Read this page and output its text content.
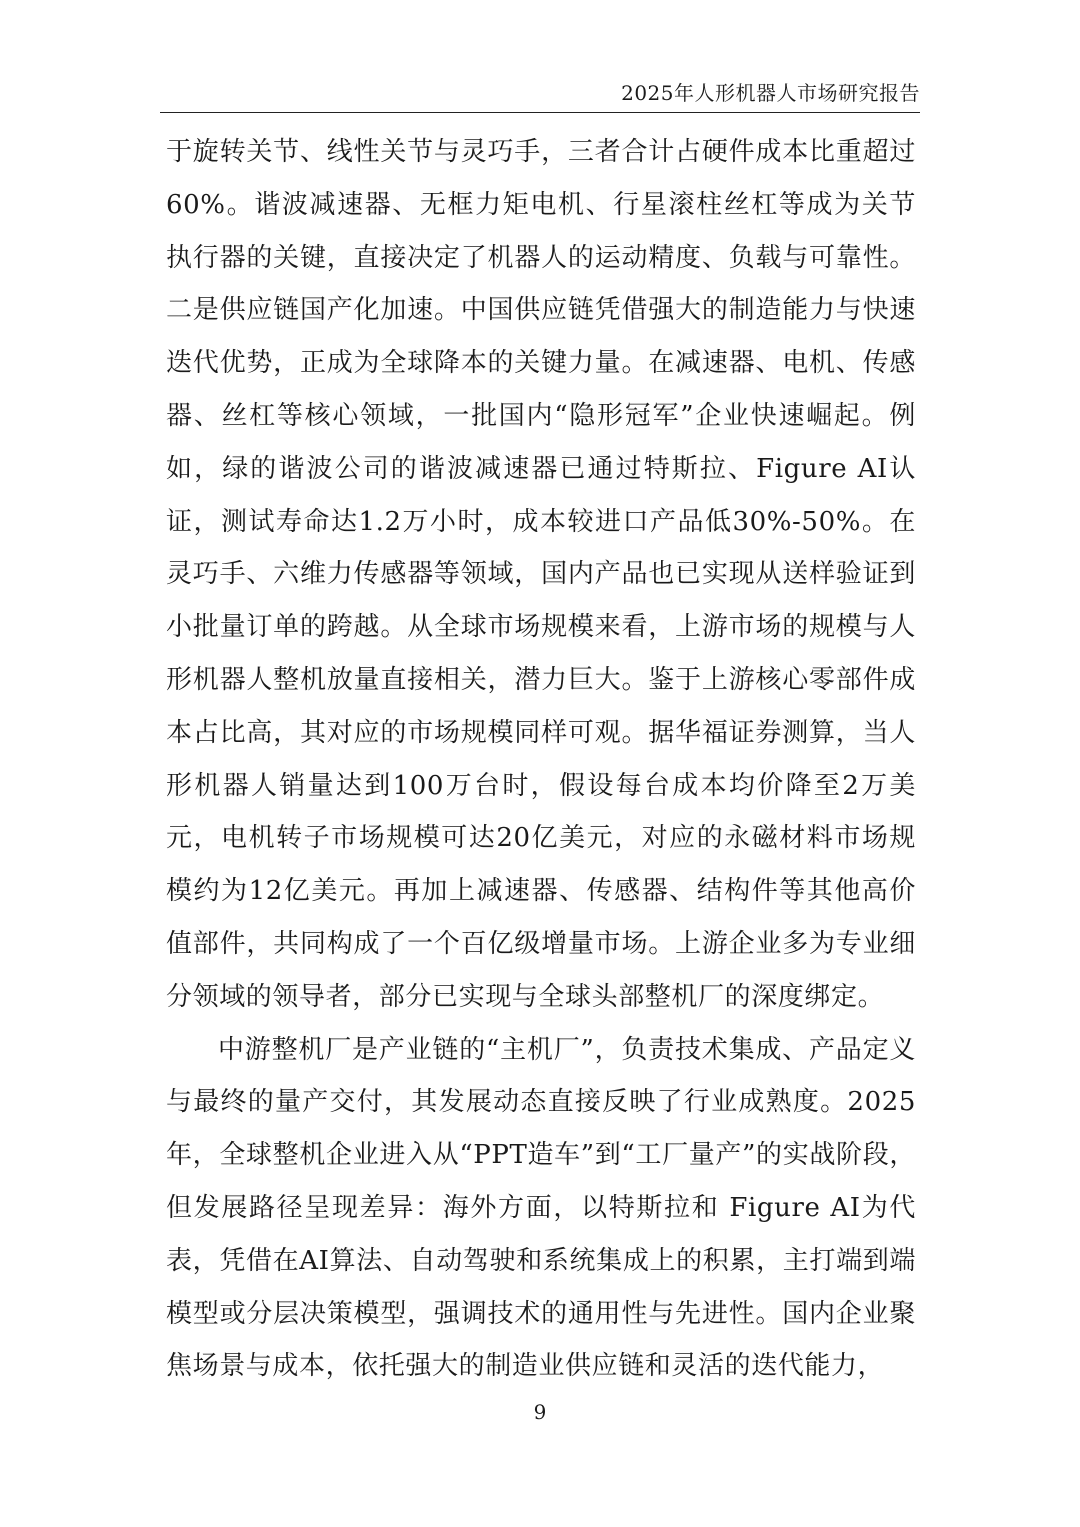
2025年人形机器人市场研究报告

于旋转关节、线性关节与灵巧手，三者合计占硬件成本比重超过60%。谐波减速器、无框力矩电机、行星滚柱丝杠等成为关节执行器的关键，直接决定了机器人的运动精度、负载与可靠性。二是供应链国产化加速。中国供应链凭借强大的制造能力与快速迭代优势，正成为全球降本的关键力量。在减速器、电机、传感器、丝杠等核心领域，一批国内“隐形冠军”企业快速崛起。例如，绿的谐波公司的谐波减速器已通过特斯拉、Figure AI认证，测试寿命达1.2万小时，成本较进口产品低30%-50%。在灵巧手、六维力传感器等领域，国内产品也已实现从送样验证到小批量订单的跨越。从全球市场规模来看，上游市场的规模与人形机器人整机放量直接相关，潜力巨大。鉴于上游核心零部件成本占比高，其对应的市场规模同样可观。据华福证券测算，当人形机器人销量达到100万台时，假设每台成本均价降至2万美元，电机转子市场规模可达20亿美元，对应的永磁材料市场规模约为12亿美元。再加上减速器、传感器、结构件等其他高价值部件，共同构成了一个百亿级增量市场。上游企业多为专业细分领域的领导者，部分已实现与全球头部整机厂的深度绑定。

中游整机厂是产业链的“主机厂”，负责技术集成、产品定义与最终的量产交付，其发展动态直接反映了行业成熟度。2025年，全球整机企业进入从“PPT造车”到“工厂量产”的实战阶段，但发展路径呈现差异：海外方面，以特斯拉和 Figure AI为代表，凭借在AI算法、自动驾驶和系统集成上的积累，主打端到端模型或分层决策模型，强调技术的通用性与先进性。国内企业聚焦场景与成本，依托强大的制造业供应链和灵活的迭代能力，

9
